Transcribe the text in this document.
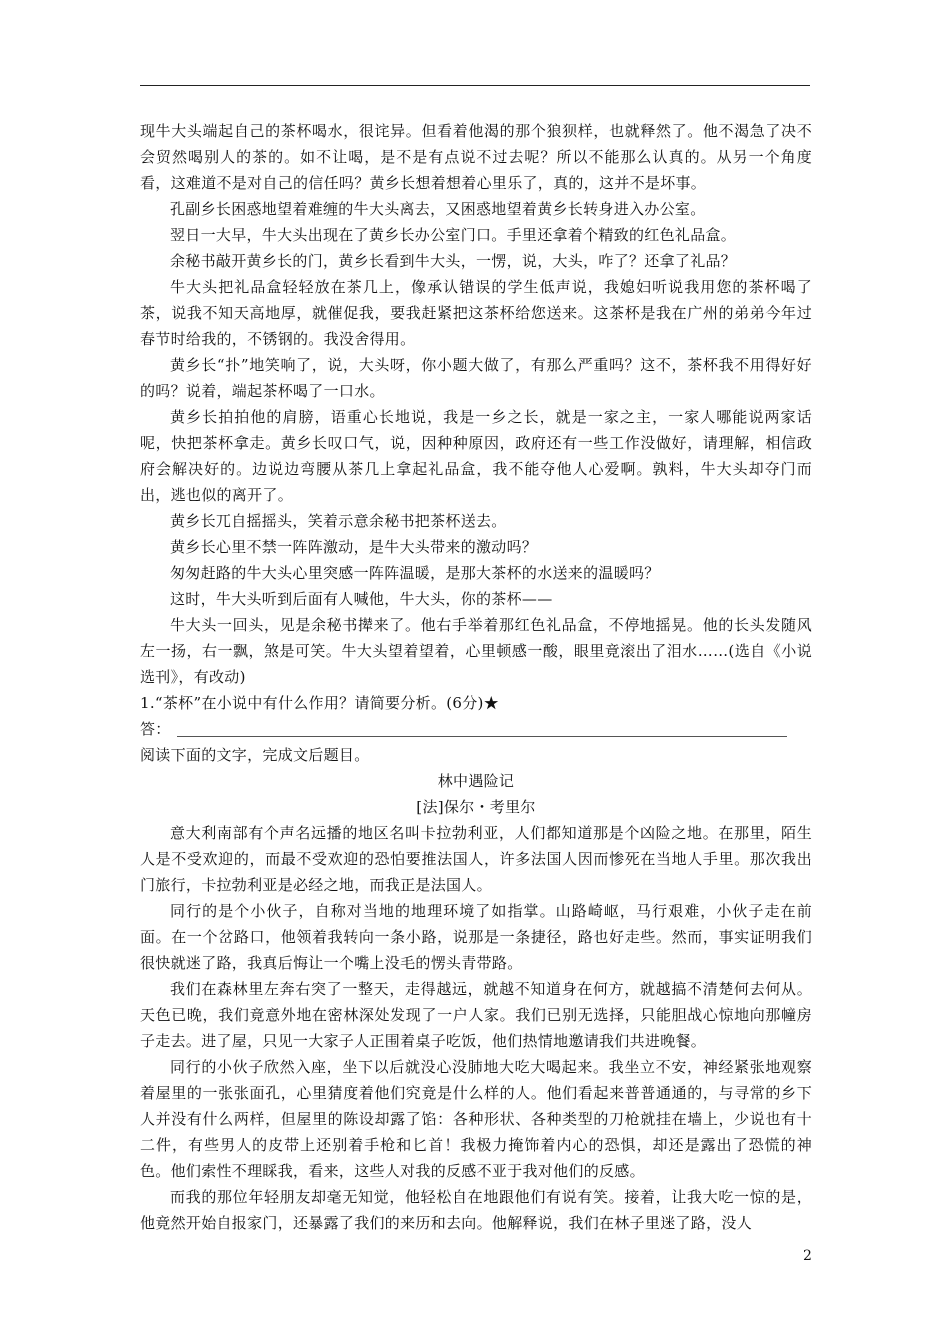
现牛大头端起自己的茶杯喝水，很诧异。但看着他渴的那个狼狈样，也就释然了。他不渴急了决不会贸然喝别人的茶的。如不让喝，是不是有点说不过去呢？所以不能那么认真的。从另一个角度看，这难道不是对自己的信任吗？黄乡长想着想着心里乐了，真的，这并不是坏事。

孔副乡长困惑地望着难缠的牛大头离去，又困惑地望着黄乡长转身进入办公室。

翌日一大早，牛大头出现在了黄乡长办公室门口。手里还拿着个精致的红色礼品盒。

余秘书敲开黄乡长的门，黄乡长看到牛大头，一愣，说，大头，咋了？还拿了礼品？

牛大头把礼品盒轻轻放在茶几上，像承认错误的学生低声说，我媳妇听说我用您的茶杯喝了茶，说我不知天高地厚，就催促我，要我赶紧把这茶杯给您送来。这茶杯是我在广州的弟弟今年过春节时给我的，不锈钢的。我没舍得用。

黄乡长“扑”地笑响了，说，大头呀，你小题大做了，有那么严重吗？这不，茶杯我不用得好好的吗？说着，端起茶杯喝了一口水。

黄乡长拍拍他的肩膀，语重心长地说，我是一乡之长，就是一家之主，一家人哪能说两家话呢，快把茶杯拿走。黄乡长叹口气，说，因种种原因，政府还有一些工作没做好，请理解，相信政府会解决好的。边说边弯腰从茶几上拿起礼品盒，我不能夺他人心爱啊。孰料，牛大头却夺门而出，逃也似的离开了。

黄乡长兀自摇摇头，笑着示意余秘书把茶杯送去。

黄乡长心里不禁一阵阵激动，是牛大头带来的激动吗？

匆匆赶路的牛大头心里突感一阵阵温暖，是那大茶杯的水送来的温暖吗？

这时，牛大头听到后面有人喊他，牛大头，你的茶杯——

牛大头一回头，见是余秘书撵来了。他右手举着那红色礼品盒，不停地摇晃。他的长头发随风左一扬，右一飘，煞是可笑。牛大头望着望着，心里顿感一酸，眼里竟滚出了泪水……(选自《小说选刊》，有改动)

1.“茶杯”在小说中有什么作用？请简要分析。(6分)★

答：

阅读下面的文字，完成文后题目。

林中遇险记

[法]保尔・考里尔

意大利南部有个声名远播的地区名叫卡拉勃利亚，人们都知道那是个凶险之地。在那里，陌生人是不受欢迎的，而最不受欢迎的恐怕要推法国人，许多法国人因而惨死在当地人手里。那次我出门旅行，卡拉勃利亚是必经之地，而我正是法国人。

同行的是个小伙子，自称对当地的地理环境了如指掌。山路崎岖，马行艰难，小伙子走在前面。在一个岔路口，他领着我转向一条小路，说那是一条捷径，路也好走些。然而，事实证明我们很快就迷了路，我真后悔让一个嘴上没毛的愣头青带路。

我们在森林里左奔右突了一整天，走得越远，就越不知道身在何方，就越搞不清楚何去何从。天色已晚，我们竟意外地在密林深处发现了一户人家。我们已别无选择，只能胆战心惊地向那幢房子走去。进了屋，只见一大家子人正围着桌子吃饭，他们热情地邀请我们共进晚餐。

同行的小伙子欣然入座，坐下以后就没心没肺地大吃大喝起来。我坐立不安，神经紧张地观察着屋里的一张张面孔，心里猜度着他们究竟是什么样的人。他们看起来普普通通的，与寻常的乡下人并没有什么两样，但屋里的陈设却露了馅：各种形状、各种类型的刀枪就挂在墙上，少说也有十二件，有些男人的皮带上还别着手枪和匕首！我极力掩饰着内心的恐惧，却还是露出了恐慌的神色。他们索性不理睬我，看来，这些人对我的反感不亚于我对他们的反感。

而我的那位年轻朋友却毫无知觉，他轻松自在地跟他们有说有笑。接着，让我大吃一惊的是，他竟然开始自报家门，还暴露了我们的来历和去向。他解释说，我们在林子里迷了路，没人

2
